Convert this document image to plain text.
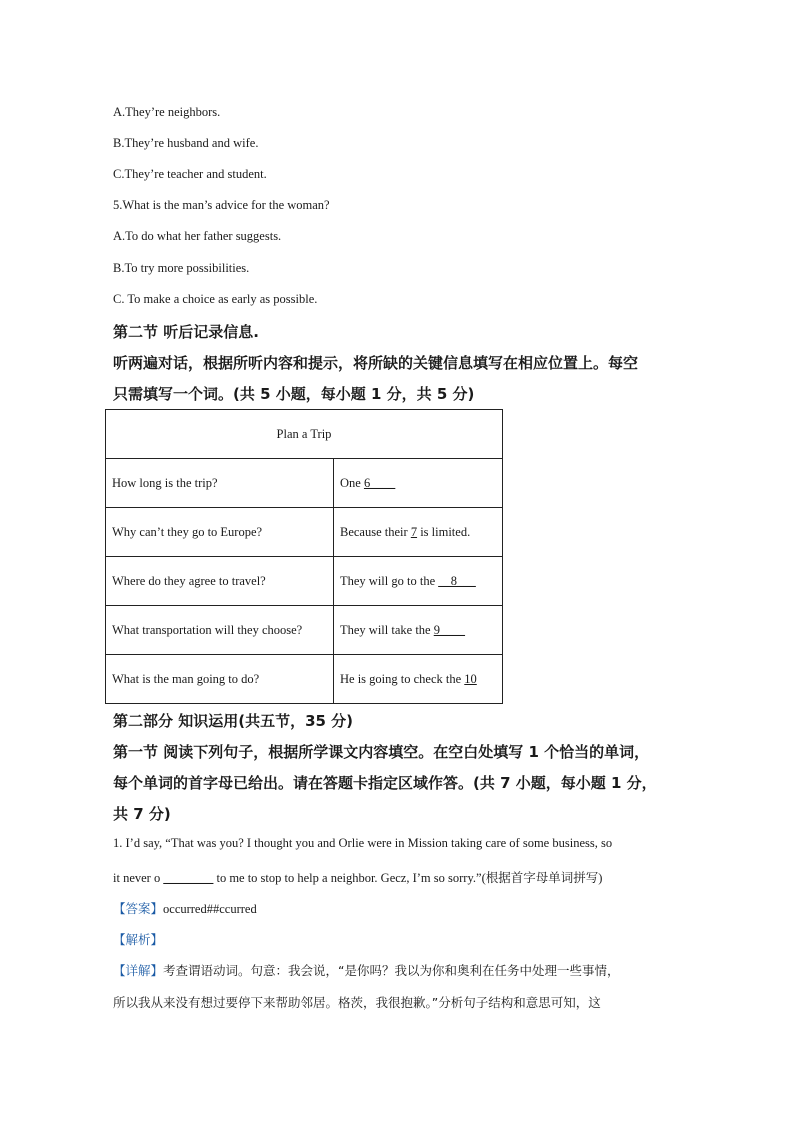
A.They’re neighbors.
B.They’re husband and wife.
C.They’re teacher and student.
5.What is the man’s advice for the woman?
A.To do what her father suggests.
B.To try more possibilities.
C. To make a choice as early as possible.
第二节 听后记录信息.
听两遍对话，根据所听内容和提示，将所缺的关键信息填写在相应位置上。每空
只需填写一个词。(共 5 小题，每小题 1 分，共 5 分)
Plan a Trip	
How long is the trip?	One 6____
Why can’t they go to Europe?	Because their 7 is limited.
Where do they agree to travel?	They will go to the __8___
What transportation will they choose?	They will take the 9____
What is the man going to do?	He is going to check the 10
第二部分 知识运用(共五节，35 分)
第一节 阅读下列句子，根据所学课文内容填空。在空白处填写 1 个恰当的单词，
每个单词的首字母已给出。请在答题卡指定区域作答。(共 7 小题，每小题 1 分，
共 7 分)
1. I’d say, “That was you? I thought you and Orlie were in Mission taking care of some business, so
it never o ________ to me to stop to help a neighbor. Gecz, I’m so sorry.”(根据首字母单词拼写)
【答案】occurred##ccurred
【解析】
【详解】考查谓语动词。句意：我会说，“是你吗？我以为你和奥利在任务中处理一些事情，
所以我从来没有想过要停下来帮助邻居。格茨，我很抱歉。”分析句子结构和意思可知，这
